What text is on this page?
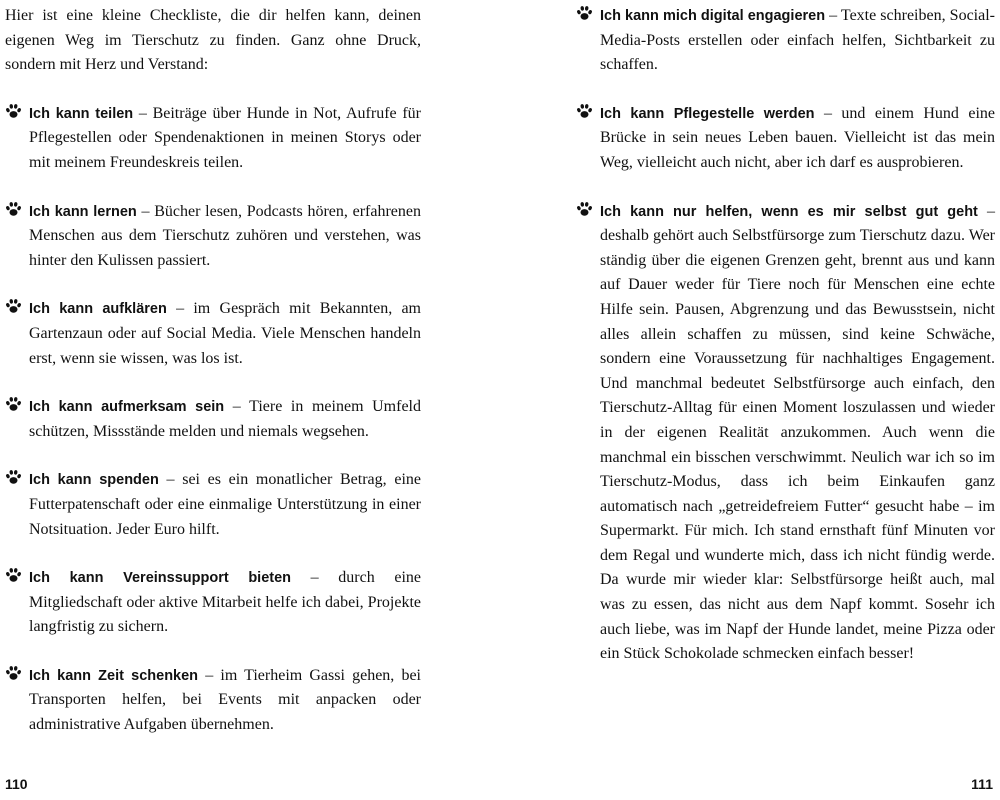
Hier ist eine kleine Checkliste, die dir helfen kann, deinen eigenen Weg im Tierschutz zu finden. Ganz ohne Druck, sondern mit Herz und Verstand:

Ich kann teilen – Beiträge über Hunde in Not, Aufrufe für Pflegestellen oder Spendenaktionen in meinen Storys oder mit meinem Freundeskreis teilen.
Ich kann lernen – Bücher lesen, Podcasts hören, erfahrenen Menschen aus dem Tierschutz zuhören und verstehen, was hinter den Kulissen passiert.
Ich kann aufklären – im Gespräch mit Bekannten, am Gartenzaun oder auf Social Media. Viele Menschen handeln erst, wenn sie wissen, was los ist.
Ich kann aufmerksam sein – Tiere in meinem Umfeld schützen, Missstände melden und niemals wegsehen.
Ich kann spenden – sei es ein monatlicher Betrag, eine Futterpatenschaft oder eine einmalige Unterstützung in einer Notsituation. Jeder Euro hilft.
Ich kann Vereinssupport bieten – durch eine Mitgliedschaft oder aktive Mitarbeit helfe ich dabei, Projekte langfristig zu sichern.
Ich kann Zeit schenken – im Tierheim Gassi gehen, bei Transporten helfen, bei Events mit anpacken oder administrative Aufgaben übernehmen.
110
Ich kann mich digital engagieren – Texte schreiben, Social-Media-Posts erstellen oder einfach helfen, Sichtbarkeit zu schaffen.
Ich kann Pflegestelle werden – und einem Hund eine Brücke in sein neues Leben bauen. Vielleicht ist das mein Weg, vielleicht auch nicht, aber ich darf es ausprobieren.
Ich kann nur helfen, wenn es mir selbst gut geht – deshalb gehört auch Selbstfürsorge zum Tierschutz dazu. Wer ständig über die eigenen Grenzen geht, brennt aus und kann auf Dauer weder für Tiere noch für Menschen eine echte Hilfe sein. Pausen, Abgrenzung und das Bewusstsein, nicht alles allein schaffen zu müssen, sind keine Schwäche, sondern eine Voraussetzung für nachhaltiges Engagement. Und manchmal bedeutet Selbstfürsorge auch einfach, den Tierschutz-Alltag für einen Moment loszulassen und wieder in der eigenen Realität anzukommen. Auch wenn die manchmal ein bisschen verschwimmt. Neulich war ich so im Tierschutz-Modus, dass ich beim Einkaufen ganz automatisch nach „getreidefreiem Futter“ gesucht habe – im Supermarkt. Für mich. Ich stand ernsthaft fünf Minuten vor dem Regal und wunderte mich, dass ich nicht fündig werde. Da wurde mir wieder klar: Selbstfürsorge heißt auch, mal was zu essen, das nicht aus dem Napf kommt. Sosehr ich auch liebe, was im Napf der Hunde landet, meine Pizza oder ein Stück Schokolade schmecken einfach besser!
111
